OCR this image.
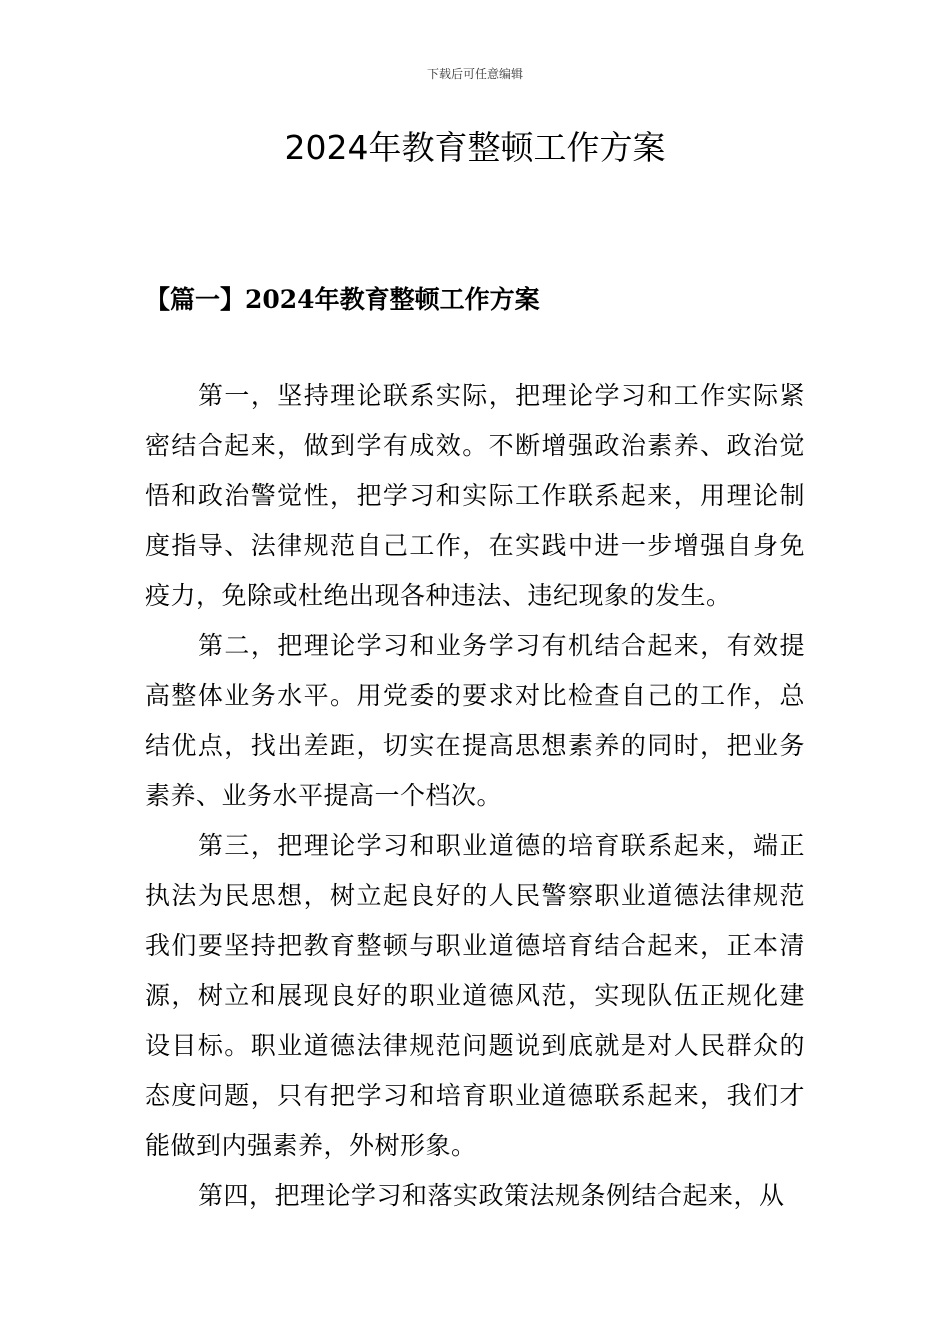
下载后可任意编辑
2024年教育整顿工作方案
【篇一】2024年教育整顿工作方案

第一，坚持理论联系实际，把理论学习和工作实际紧密结合起来，做到学有成效。不断增强政治素养、政治觉悟和政治警觉性，把学习和实际工作联系起来，用理论制度指导、法律规范自己工作，在实践中进一步增强自身免疫力，免除或杜绝出现各种违法、违纪现象的发生。

第二，把理论学习和业务学习有机结合起来，有效提高整体业务水平。用党委的要求对比检查自己的工作，总结优点，找出差距，切实在提高思想素养的同时，把业务素养、业务水平提高一个档次。

第三，把理论学习和职业道德的培育联系起来，端正执法为民思想，树立起良好的人民警察职业道德法律规范我们要坚持把教育整顿与职业道德培育结合起来，正本清源，树立和展现良好的职业道德风范，实现队伍正规化建设目标。职业道德法律规范问题说到底就是对人民群众的态度问题，只有把学习和培育职业道德联系起来，我们才能做到内强素养，外树形象。

第四，把理论学习和落实政策法规条例结合起来，从
